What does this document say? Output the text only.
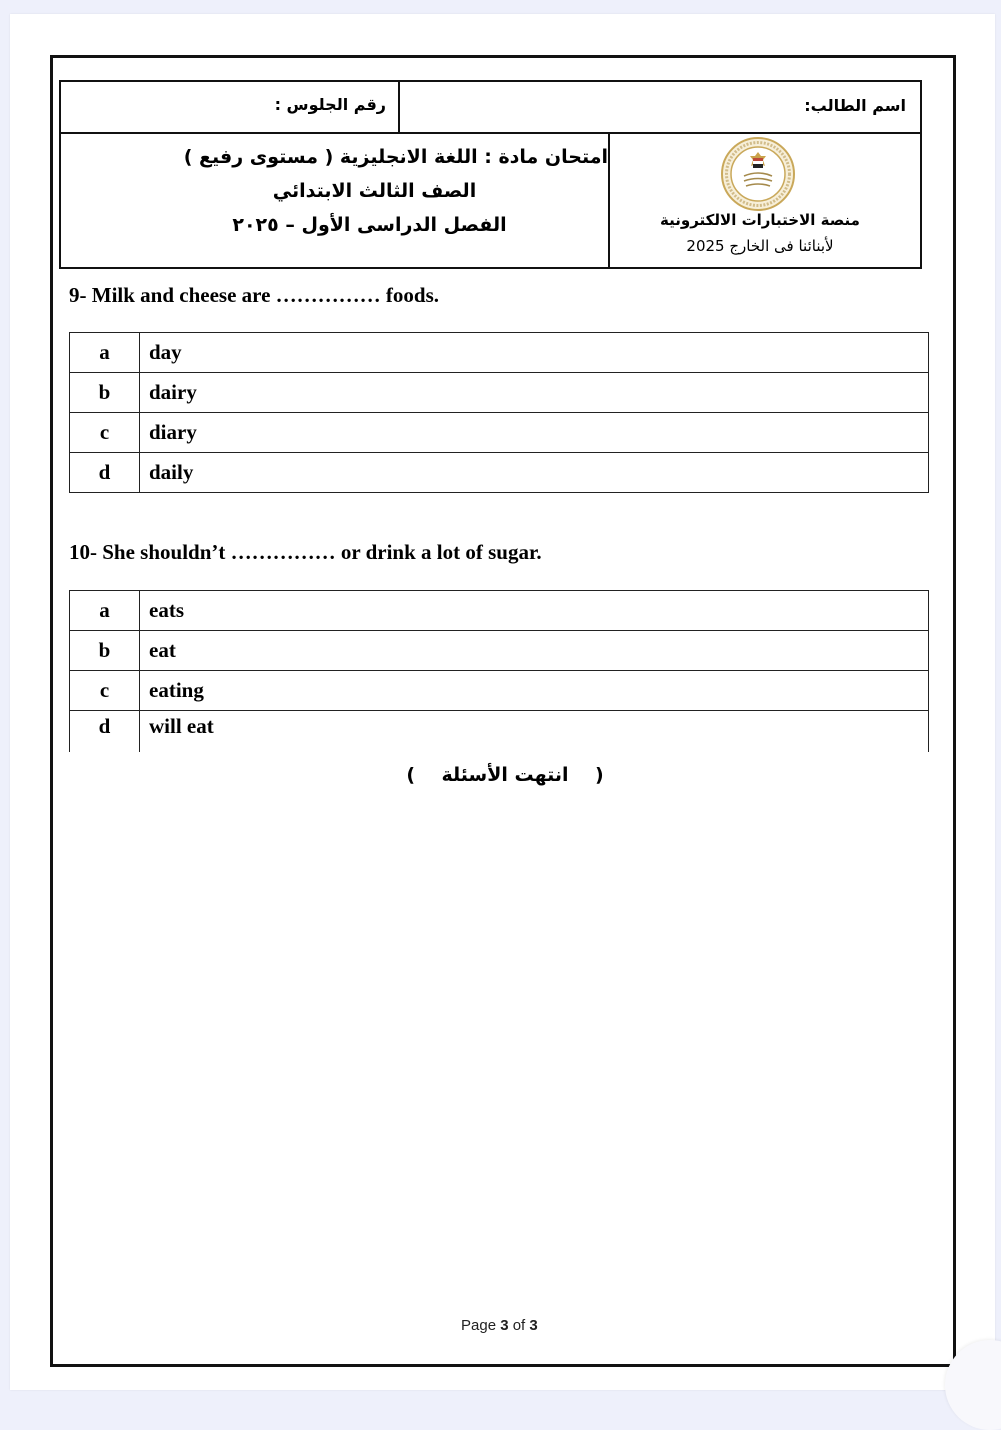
رقم الجلوس :	اسم الطالب:
امتحان مادة : اللغة الانجليزية ( مستوى رفيع )
الصف الثالث الابتدائي
الفصل الدراسى الأول – ٢٠٢٥	منصة الاختبارات الالكترونية
لأبنائنا فى الخارج 2025
9- Milk and cheese are …………… foods.
a	day
b	dairy
c	diary
d	daily
10- She shouldn’t …………… or drink a lot of sugar.
a	eats
b	eat
c	eating
d	will eat
(    انتهت الأسئلة    )
Page 3 of 3
